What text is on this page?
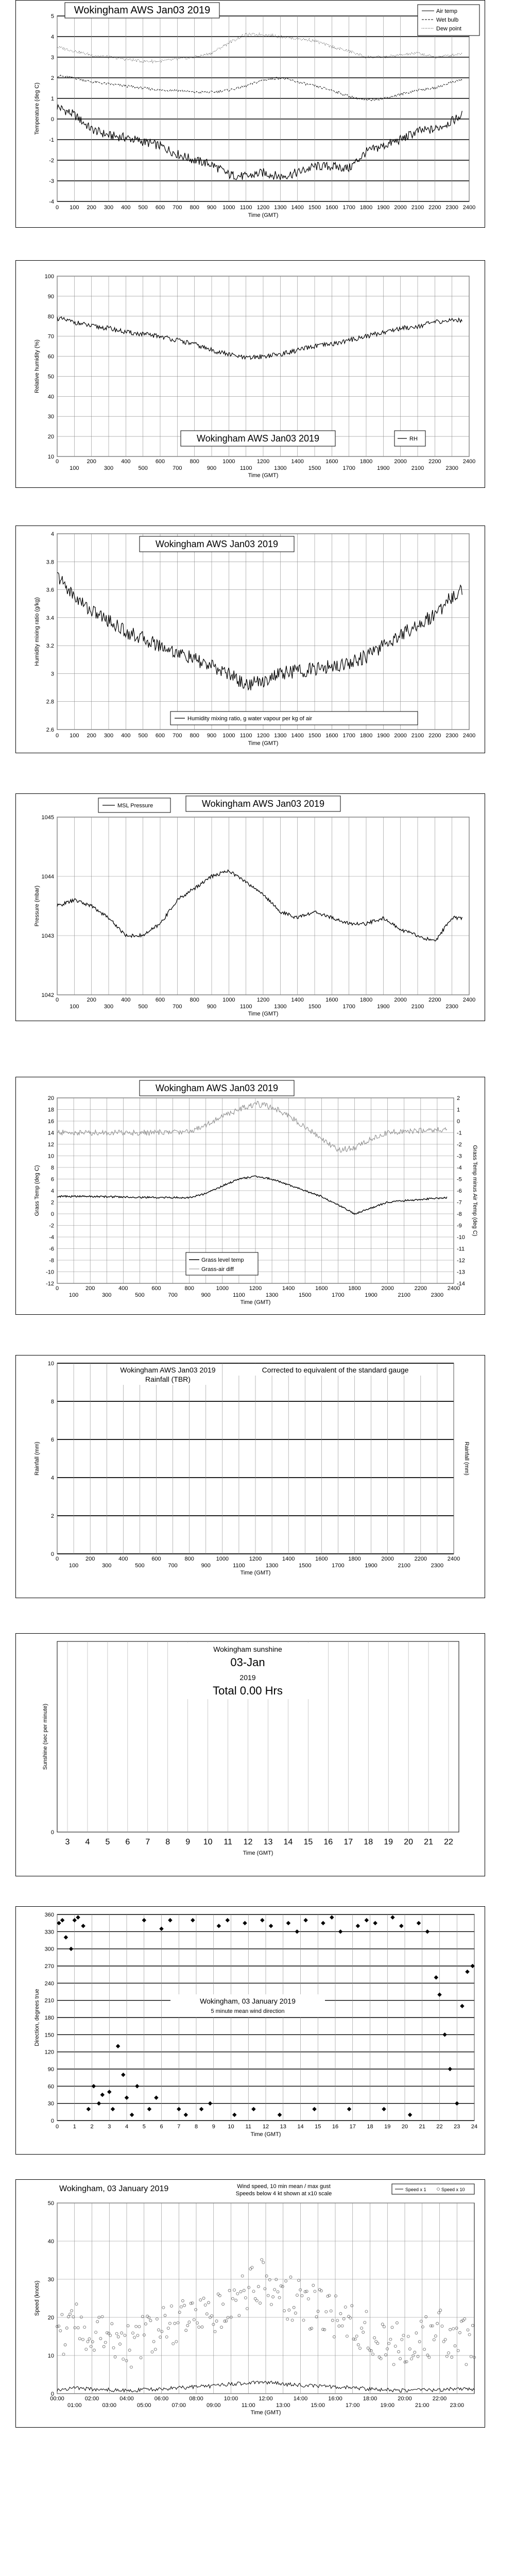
-4
-3
-2
-1
0
1
2
3
4
5
0 100 200 300 400 500 600 700 800 900 1000 1100 1200 1300 1400 1500 1600 1700 1800 1900 2000 2100 2200 2300 2400
Time (GMT)
Temperature (deg C)
Wokingham AWS Jan03 2019	Air temp
Wet bulb
Dew point
10
20
30
40
50
60
70
80
90
100
0	200	400	600	800	1000	1200	1400	1600	1800	2000	2200	2400
100	300	500	700	900	1100	1300	1500	1700	1900	2100	2300
Time (GMT)
Relative humidity (%)
Wokingham AWS Jan03 2019	RH
2.6
2.8
3
3.2
3.4
3.6
3.8
4
0 100 200 300 400 500 600 700 800 900 1000 1100 1200 1300 1400 1500 1600 1700 1800 1900 2000 2100 2200 2300 2400
Time (GMT)
Humidity mixing ratio (g/kg)
Wokingham AWS Jan03 2019
Humidity mixing ratio, g water vapour per kg of air
1042
1043
1044
1045
0	200	400	600	800	1000	1200	1400	1600	1800	2000	2200	2400
100	300	500	700	900	1100	1300	1500	1700	1900	2100	2300
Time (GMT)
Pressure (mbar)
MSL Pressure	Wokingham AWS Jan03 2019
-12
-10
-8
-6
-4
-2
0
2
4
6
8
10
12
14
16
18
20
0	200	400	600	800	1000	1200	1400	1600	1800	2000	2200	2400
100	300	500	700	900	1100	1300	1500	1700	1900	2100	2300
Time (GMT)
Grass Temp (deg C)
-14
-13
-12
-11
-10
-9
-8
-7
-6
-5
-4
-3
-2
-1
0
1
2
Grass Temp minus Air Temp (deg C)
Wokingham AWS Jan03 2019
Grass level temp
Grass-air diff
0
2
4
6
8
10
0	200	400	600	800	1000	1200	1400	1600	1800	2000	2200	2400
100	300	500	700	900	1100	1300	1500	1700	1900	2100	2300
Time (GMT)
Rainfall (mm)	Rainfall (mm)
Wokingham AWS Jan03 2019
Rainfall (TBR)
Corrected to equivalent of the standard gauge
3 4 5 6 7 8 9 10 11 12 13 14 15 16 17 18 19 20 21 22
Sunshine (sec per minute)
0
Time (GMT)
Wokingham sunshine
03-Jan
2019
Total 0.00 Hrs
0
30
60
90
120
150
180
210
240
270
300
330
360
0	1	2	3	4	5	6	7	8	9 10 11 12 13 14 15 16 17 18 19 20 21 22 23 24
Time (GMT)
Direction, degrees true	Wokingham, 03 January 2019
5 minute mean wind direction
0
10
20
30
40
50
00:00	02:00	04:00	06:00	08:00	10:00	12:00	14:00	16:00	18:00	20:00	22:00
01:00	03:00	05:00	07:00	09:00	11:00	13:00	15:00	17:00	19:00	21:00	23:00
Time (GMT)
Speed (knots)
Wokingham, 03 January 2019	Wind speed, 10 min mean / max gust
Speeds below 4 kt shown at x10 scale
Speed x 1	Speed x 10
